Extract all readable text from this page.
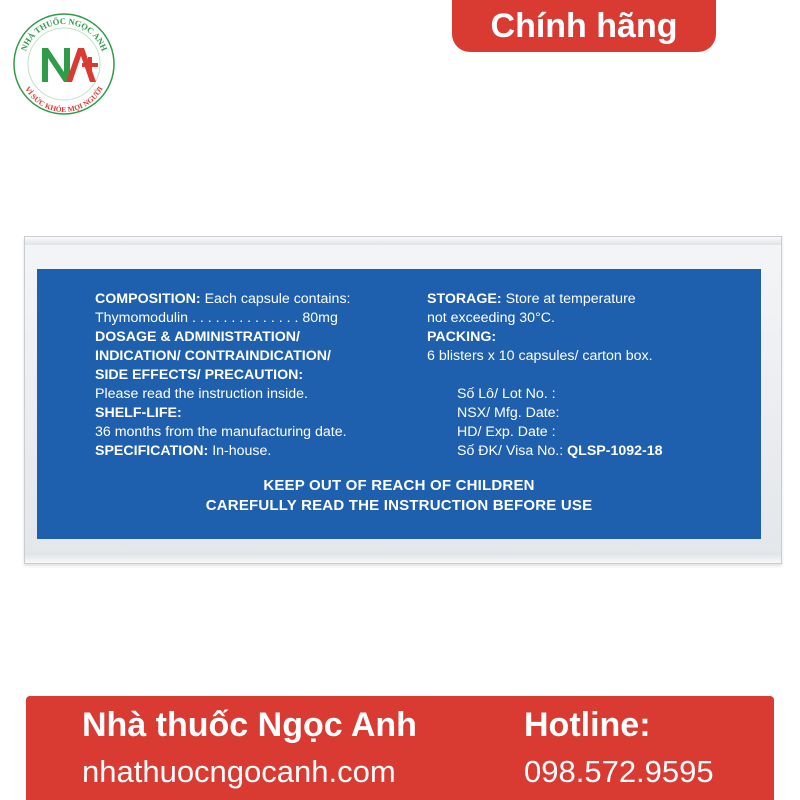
NHÀ THUỐC NGỌC ANH
VÌ SỨC KHỎE MỌI NGƯỜI
Chính hãng
COMPOSITION: Each capsule contains:
Thymomodulin . . . . . . . . . . . . . . 80mg
DOSAGE & ADMINISTRATION/
INDICATION/ CONTRAINDICATION/
SIDE EFFECTS/ PRECAUTION:
Please read the instruction inside.
SHELF-LIFE:
36 months from the manufacturing date.
SPECIFICATION: In-house.
STORAGE: Store at temperature
not exceeding 30°C.
PACKING:
6 blisters x 10 capsules/ carton box.
Số Lô/ Lot No. :
NSX/ Mfg. Date:
HD/ Exp. Date :
Số ĐK/ Visa No.: QLSP-1092-18
KEEP OUT OF REACH OF CHILDREN
CAREFULLY READ THE INSTRUCTION BEFORE USE
Nhà thuốc Ngọc Anh
nhathuocngocanh.com
Hotline:
098.572.9595
